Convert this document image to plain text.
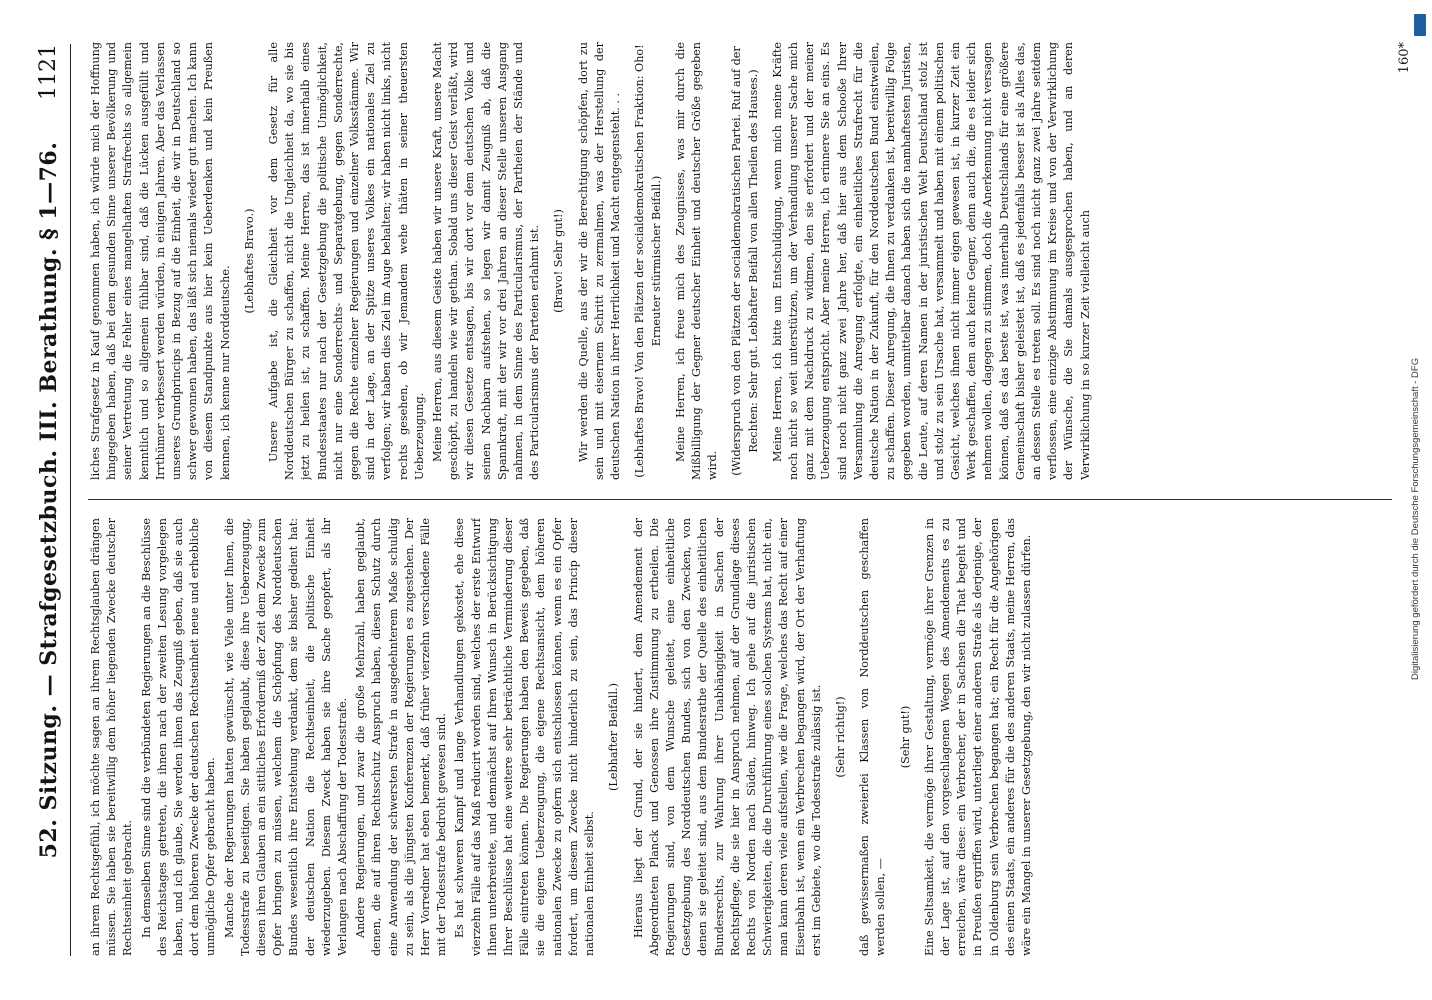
52. Sitzung. — Strafgesetzbuch. III. Berathung. § 1—76.
1121

an ihrem Rechtsgefühl, ich möchte sagen an ihrem Rechtsglauben drängen müssen. Sie haben sie bereitwillig dem höher liegenden Zwecke deutscher Rechtseinheit gebracht. In demselben Sinne sind die verbündeten Regierungen an die Beschlüsse des Reichstages getreten, die ihnen nach der zweiten Lesung vorgelegen haben, und ich glaube, Sie werden ihnen das Zeugniß geben, daß sie auch dort dem höheren Zwecke der deutschen Rechtseinheit neue und erhebliche unmögliche Opfer gebracht haben. Manche der Regierungen hatten gewünscht, wie Viele unter Ihnen, die Todesstrafe zu beseitigen. Sie haben geglaubt, diese ihre Ueberzeugung, diesen ihren Glauben an ein sittliches Erforderniß der Zeit dem Zwecke zum Opfer bringen zu müssen, welchem die Schöpfung des Norddeutschen Bundes wesentlich ihre Entstehung verdankt, dem sie bisher gedient hat: der deutschen Nation die Rechtseinheit, die politische Einheit wiederzugeben. Diesem Zweck haben sie ihre Sache geopfert, als ihr Verlangen nach Abschaffung der Todesstrafe. Andere Regierungen, und zwar die große Mehrzahl, haben geglaubt, denen, die auf ihren Rechtsschutz Anspruch haben, diesen Schutz durch eine Anwendung der schwersten Strafe in ausgedehnterem Maße schuldig zu sein, als die jüngsten Konferenzen der Regierungen es zugestehen. Der Herr Vorredner hat eben bemerkt, daß früher vierzehn verschiedene Fälle mit der Todesstrafe bedroht gewesen sind. Es hat schweren Kampf und lange Verhandlungen gekostet, ehe diese vierzehn Fälle auf das Maß reducirt worden sind, welches der erste Entwurf Ihnen unterbreitete, und demnächst auf Ihren Wunsch in Berücksichtigung Ihrer Beschlüsse hat eine weitere sehr beträchtliche Verminderung dieser Fälle eintreten können. Die Regierungen haben den Beweis gegeben, daß sie die eigene Ueberzeugung, die eigene Rechtsansicht, dem höheren nationalen Zwecke zu opfern sich entschlossen können, wenn es ein Opfer fordert, um diesem Zwecke nicht hinderlich zu sein, das Princip dieser nationalen Einheit selbst.

(Lebhafter Beifall.) Hieraus liegt der Grund, der sie hindert, dem Amendement der Abgeordneten Planck und Genossen ihre Zustimmung zu ertheilen. Die Regierungen sind, von dem Wunsche geleitet, eine einheitliche Gesetzgebung des Norddeutschen Bundes, sich von den Zwecken, von denen sie geleitet sind, aus dem Bundesrathe der Quelle des einheitlichen Bundesrechts, zur Wahrung ihrer Unabhängigkeit in Sachen der Rechtspflege, die sie hier in Anspruch nehmen, auf der Grundlage dieses Rechts von Norden nach Süden, hinweg. Ich gehe auf die juristischen Schwierigkeiten, die die Durchführung eines solchen Systems hat, nicht ein, man kann deren viele aufstellen, wie die Frage, welches das Recht auf einer Eisenbahn ist, wenn ein Verbrechen begangen wird, der Ort der Verhaftung erst im Gebiete, wo die Todesstrafe zulässig ist. (Sehr richtig!) daß gewissermaßen zweierlei Klassen von Norddeutschen geschaffen werden sollen, —

(Sehr gut!) Eine Seltsamkeit, die vermöge ihrer Gestaltung, vermöge ihrer Grenzen in der Lage ist, auf den vorgeschlagenen Wegen des Amendements es zu erreichen, wäre diese: ein Verbrecher, der in Sachsen die That begeht und in Preußen ergriffen wird, unterliegt einer anderen Strafe als derjenige, der in Oldenburg sein Verbrechen begangen hat; ein Recht für die Angehörigen des einen Staats, ein anderes für die des anderen Staats, meine Herren, das wäre ein Mangel in unserer Gesetzgebung, den wir nicht zulassen dürfen.

liches Strafgesetz in Kauf genommen haben, ich würde mich der Hoffnung hingegeben haben, daß bei dem gesunden Sinne unserer Bevölkerung und seiner Vertretung die Fehler eines mangelhaften Strafrechts so allgemein kenntlich und so allgemein fühlbar sind, daß die Lücken ausgefüllt und Irrthümer verbessert werden würden, in einigen Jahren. Aber das Verlassen unseres Grundprincips in Bezug auf die Einheit, die wir in Deutschland so schwer gewonnen haben, das läßt sich niemals wieder gut machen. Ich kann von diesem Standpunkte aus hier kein Ueberdenken und kein Preußen kennen, ich kenne nur Norddeutsche.

(Lebhaftes Bravo.) Unsere Aufgabe ist, die Gleichheit vor dem Gesetz für alle Norddeutschen Bürger zu schaffen, nicht die Ungleichheit da, wo sie bis jetzt zu heilen ist, zu schaffen. Meine Herren, das ist innerhalb eines Bundesstaates nur nach der Gesetzgebung die politische Unmöglichkeit, nicht nur eine Sonderrechts- und Separatgebung, gegen Sonderrechte, gegen die Rechte einzelner Regierungen und einzelner Volksstämme. Wir sind in der Lage, an der Spitze unseres Volkes ein nationales Ziel zu verfolgen; wir haben dies Ziel im Auge behalten; wir haben nicht links, nicht rechts gesehen, ob wir Jemandem wehe thäten in seiner theuersten Ueberzeugung. Meine Herren, aus diesem Geiste haben wir unsere Kraft, unsere Macht geschöpft, zu handeln wie wir gethan. Sobald uns dieser Geist verläßt, wird wir diesen Gesetze entsagen, bis wir dort vor dem deutschen Volke und seinen Nachbarn aufstehen, so legen wir damit Zeugniß ab, daß die Spannkraft, mit der wir vor drei Jahren an dieser Stelle unseren Ausgang nahmen, in dem Sinne des Particularismus, der Partheien der Stände und des Particularismus der Parteien erlahmt ist. (Bravo! Sehr gut!) Wir werden die Quelle, aus der wir die Berechtigung schöpfen, dort zu sein und mit eisernem Schritt zu zermalmen, was der Herstellung der deutschen Nation in ihrer Herrlichkeit und Macht entgegensteht. . . (Lebhaftes Bravo! Von den Plätzen der socialdemokratischen Fraktion: Oho! Erneuter stürmischer Beifall.) Meine Herren, ich freue mich des Zeugnisses, was mir durch die Mißbilligung der Gegner deutscher Einheit und deutscher Größe gegeben wird. (Widerspruch von den Plätzen der socialdemokratischen Partei. Ruf auf der Rechten: Sehr gut. Lebhafter Beifall von allen Theilen des Hauses.) Meine Herren, ich bitte um Entschuldigung, wenn mich meine Kräfte noch nicht so weit unterstützen, um der Verhandlung unserer Sache mich ganz mit dem Nachdruck zu widmen, den sie erfordert und der meiner Ueberzeugung entspricht. Aber meine Herren, ich erinnere Sie an eins. Es sind noch nicht ganz zwei Jahre her, daß hier aus dem Schooße Ihrer Versammlung die Anregung erfolgte, ein einheitliches Strafrecht für die deutsche Nation in der Zukunft, für den Norddeutschen Bund einstweilen, zu schaffen. Dieser Anregung, die Ihnen zu verdanken ist, bereitwillig Folge gegeben worden, unmittelbar danach haben sich die namhaftesten Juristen, die Leute, auf deren Namen in der juristischen Welt Deutschland stolz ist und stolz zu sein Ursache hat, versammelt und haben mit einem politischen Gesicht, welches ihnen nicht immer eigen gewesen ist, in kurzer Zeit ein Werk geschaffen, dem auch keine Gegner, denn auch die, die es leider sich nehmen wollen, dagegen zu stimmen, doch die Anerkennung nicht versagen können, daß es das beste ist, was innerhalb Deutschlands für eine größere Gemeinschaft bisher geleistet ist, daß es jedenfalls besser ist als Alles das, an dessen Stelle es treten soll. Es sind noch nicht ganz zwei Jahre seitdem verflossen, eine einzige Abstimmung im Kreise und von der Verwirklichung der Wünsche, die Sie damals ausgesprochen haben, und an deren Verwirklichung in so kurzer Zeit vielleicht auch

160*
Digitalisierung gefördert durch die Deutsche Forschungsgemeinschaft - DFG
